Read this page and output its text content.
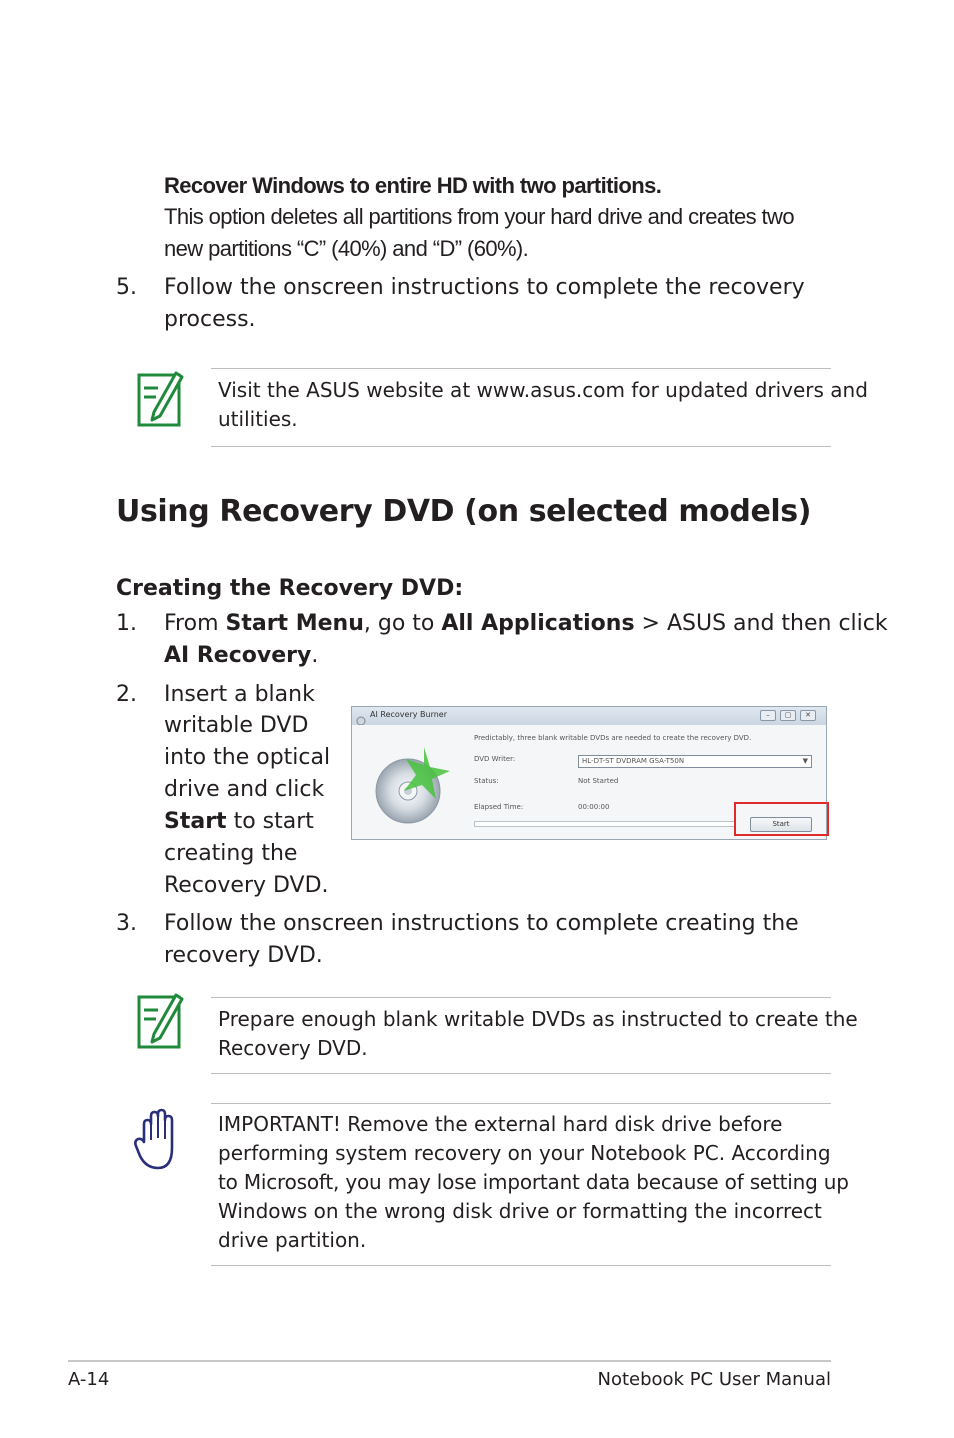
Recover Windows to entire HD with two partitions.
This option deletes all partitions from your hard drive and creates two
new partitions “C” (40%) and “D” (60%).
5. Follow the onscreen instructions to complete the recovery
process.
Visit the ASUS website at www.asus.com for updated drivers and
utilities.
Using Recovery DVD (on selected models)
Creating the Recovery DVD:
1. From Start Menu, go to All Applications > ASUS and then click
AI Recovery.
2. Insert a blank
writable DVD
into the optical
drive and click
Start to start
creating the
Recovery DVD.
AI Recovery Burner	–	▢	✕
Predictably, three blank writable DVDs are needed to create the recovery DVD.
DVD Writer:	HL-DT-ST DVDRAM GSA-T50N	▼
Status:	Not Started
Elapsed Time:	00:00:00
Start
3. Follow the onscreen instructions to complete creating the
recovery DVD.
Prepare enough blank writable DVDs as instructed to create the
Recovery DVD.
IMPORTANT! Remove the external hard disk drive before
performing system recovery on your Notebook PC. According
to Microsoft, you may lose important data because of setting up
Windows on the wrong disk drive or formatting the incorrect
drive partition.
A-14	Notebook PC User Manual
